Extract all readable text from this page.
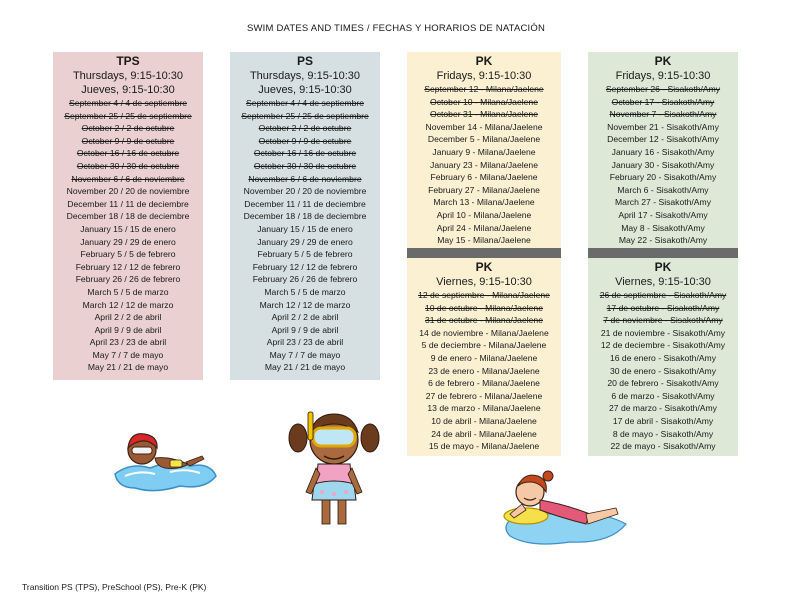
SWIM DATES AND TIMES / FECHAS Y HORARIOS DE NATACIÓN
TPS
Thursdays, 9:15-10:30
Jueves, 9:15-10:30
September 4 / 4 de septiembre
September 25 / 25 de septiembre
October 2 / 2 de octubre
October 9 / 9 de octubre
October 16 / 16 de octubre
October 30 / 30 de octubre
November 6 / 6 de noviembre
November 20 / 20 de noviembre
December 11 / 11 de deciembre
December 18 / 18 de deciembre
January 15 / 15 de enero
January 29 / 29 de enero
February 5 / 5 de febrero
February 12 / 12 de febrero
February 26 / 26 de febrero
March 5 / 5 de marzo
March 12 / 12 de marzo
April 2 / 2 de abril
April 9 / 9 de abril
April 23 / 23 de abril
May 7 / 7 de mayo
May 21 / 21 de mayo
PS
Thursdays, 9:15-10:30
Jueves, 9:15-10:30
September 4 / 4 de septiembre
September 25 / 25 de septiembre
October 2 / 2 de octubre
October 9 / 9 de octubre
October 16 / 16 de octubre
October 30 / 30 de octubre
November 6 / 6 de noviembre
November 20 / 20 de noviembre
December 11 / 11 de deciembre
December 18 / 18 de deciembre
January 15 / 15 de enero
January 29 / 29 de enero
February 5 / 5 de febrero
February 12 / 12 de febrero
February 26 / 26 de febrero
March 5 / 5 de marzo
March 12 / 12 de marzo
April 2 / 2 de abril
April 9 / 9 de abril
April 23 / 23 de abril
May 7 / 7 de mayo
May 21 / 21 de mayo
PK
Fridays, 9:15-10:30
September 12 - Milana/Jaelene
October 10 - Milana/Jaelene
October 31 - Milana/Jaelene
November 14 - Milana/Jaelene
December 5 - Milana/Jaelene
January 9 - Milana/Jaelene
January 23 - Milana/Jaelene
February 6 - Milana/Jaelene
February 27 - Milana/Jaelene
March 13 - Milana/Jaelene
April 10 - Milana/Jaelene
April 24 - Milana/Jaelene
May 15 - Milana/Jaelene
PK
Fridays, 9:15-10:30
September 26 - Sisakoth/Amy
October 17 - Sisakoth/Amy
November 7 - Sisakoth/Amy
November 21 - Sisakoth/Amy
December 12 - Sisakoth/Amy
January 16 - Sisakoth/Amy
January 30 - Sisakoth/Amy
February 20 - Sisakoth/Amy
March 6 - Sisakoth/Amy
March 27 - Sisakoth/Amy
April 17 - Sisakoth/Amy
May 8 - Sisakoth/Amy
May 22 - Sisakoth/Amy
PK
Viernes, 9:15-10:30
12 de septiembre - Milana/Jaelene
10 de octubre - Milana/Jaelene
31 de octubre - Milana/Jaelene
14 de noviembre - Milana/Jaelene
5 de deciembre - Milana/Jaelene
9 de enero - Milana/Jaelene
23 de enero - Milana/Jaelene
6 de febrero - Milana/Jaelene
27 de febrero - Milana/Jaelene
13 de marzo - Milana/Jaelene
10 de abril - Milana/Jaelene
24 de abril - Milana/Jaelene
15 de mayo - Milana/Jaelene
PK
Viernes, 9:15-10:30
26 de septiembre - Sisakoth/Amy
17 de octubre - Sisakoth/Amy
7 de noviembre - Sisakoth/Amy
21 de noviembre - Sisakoth/Amy
12 de deciembre - Sisakoth/Amy
16 de enero - Sisakoth/Amy
30 de enero - Sisakoth/Amy
20 de febrero - Sisakoth/Amy
6 de marzo - Sisakoth/Amy
27 de marzo - Sisakoth/Amy
17 de abril - Sisakoth/Amy
8 de mayo - Sisakoth/Amy
22 de mayo - Sisakoth/Amy
Transition PS (TPS), PreSchool (PS), Pre-K (PK)
